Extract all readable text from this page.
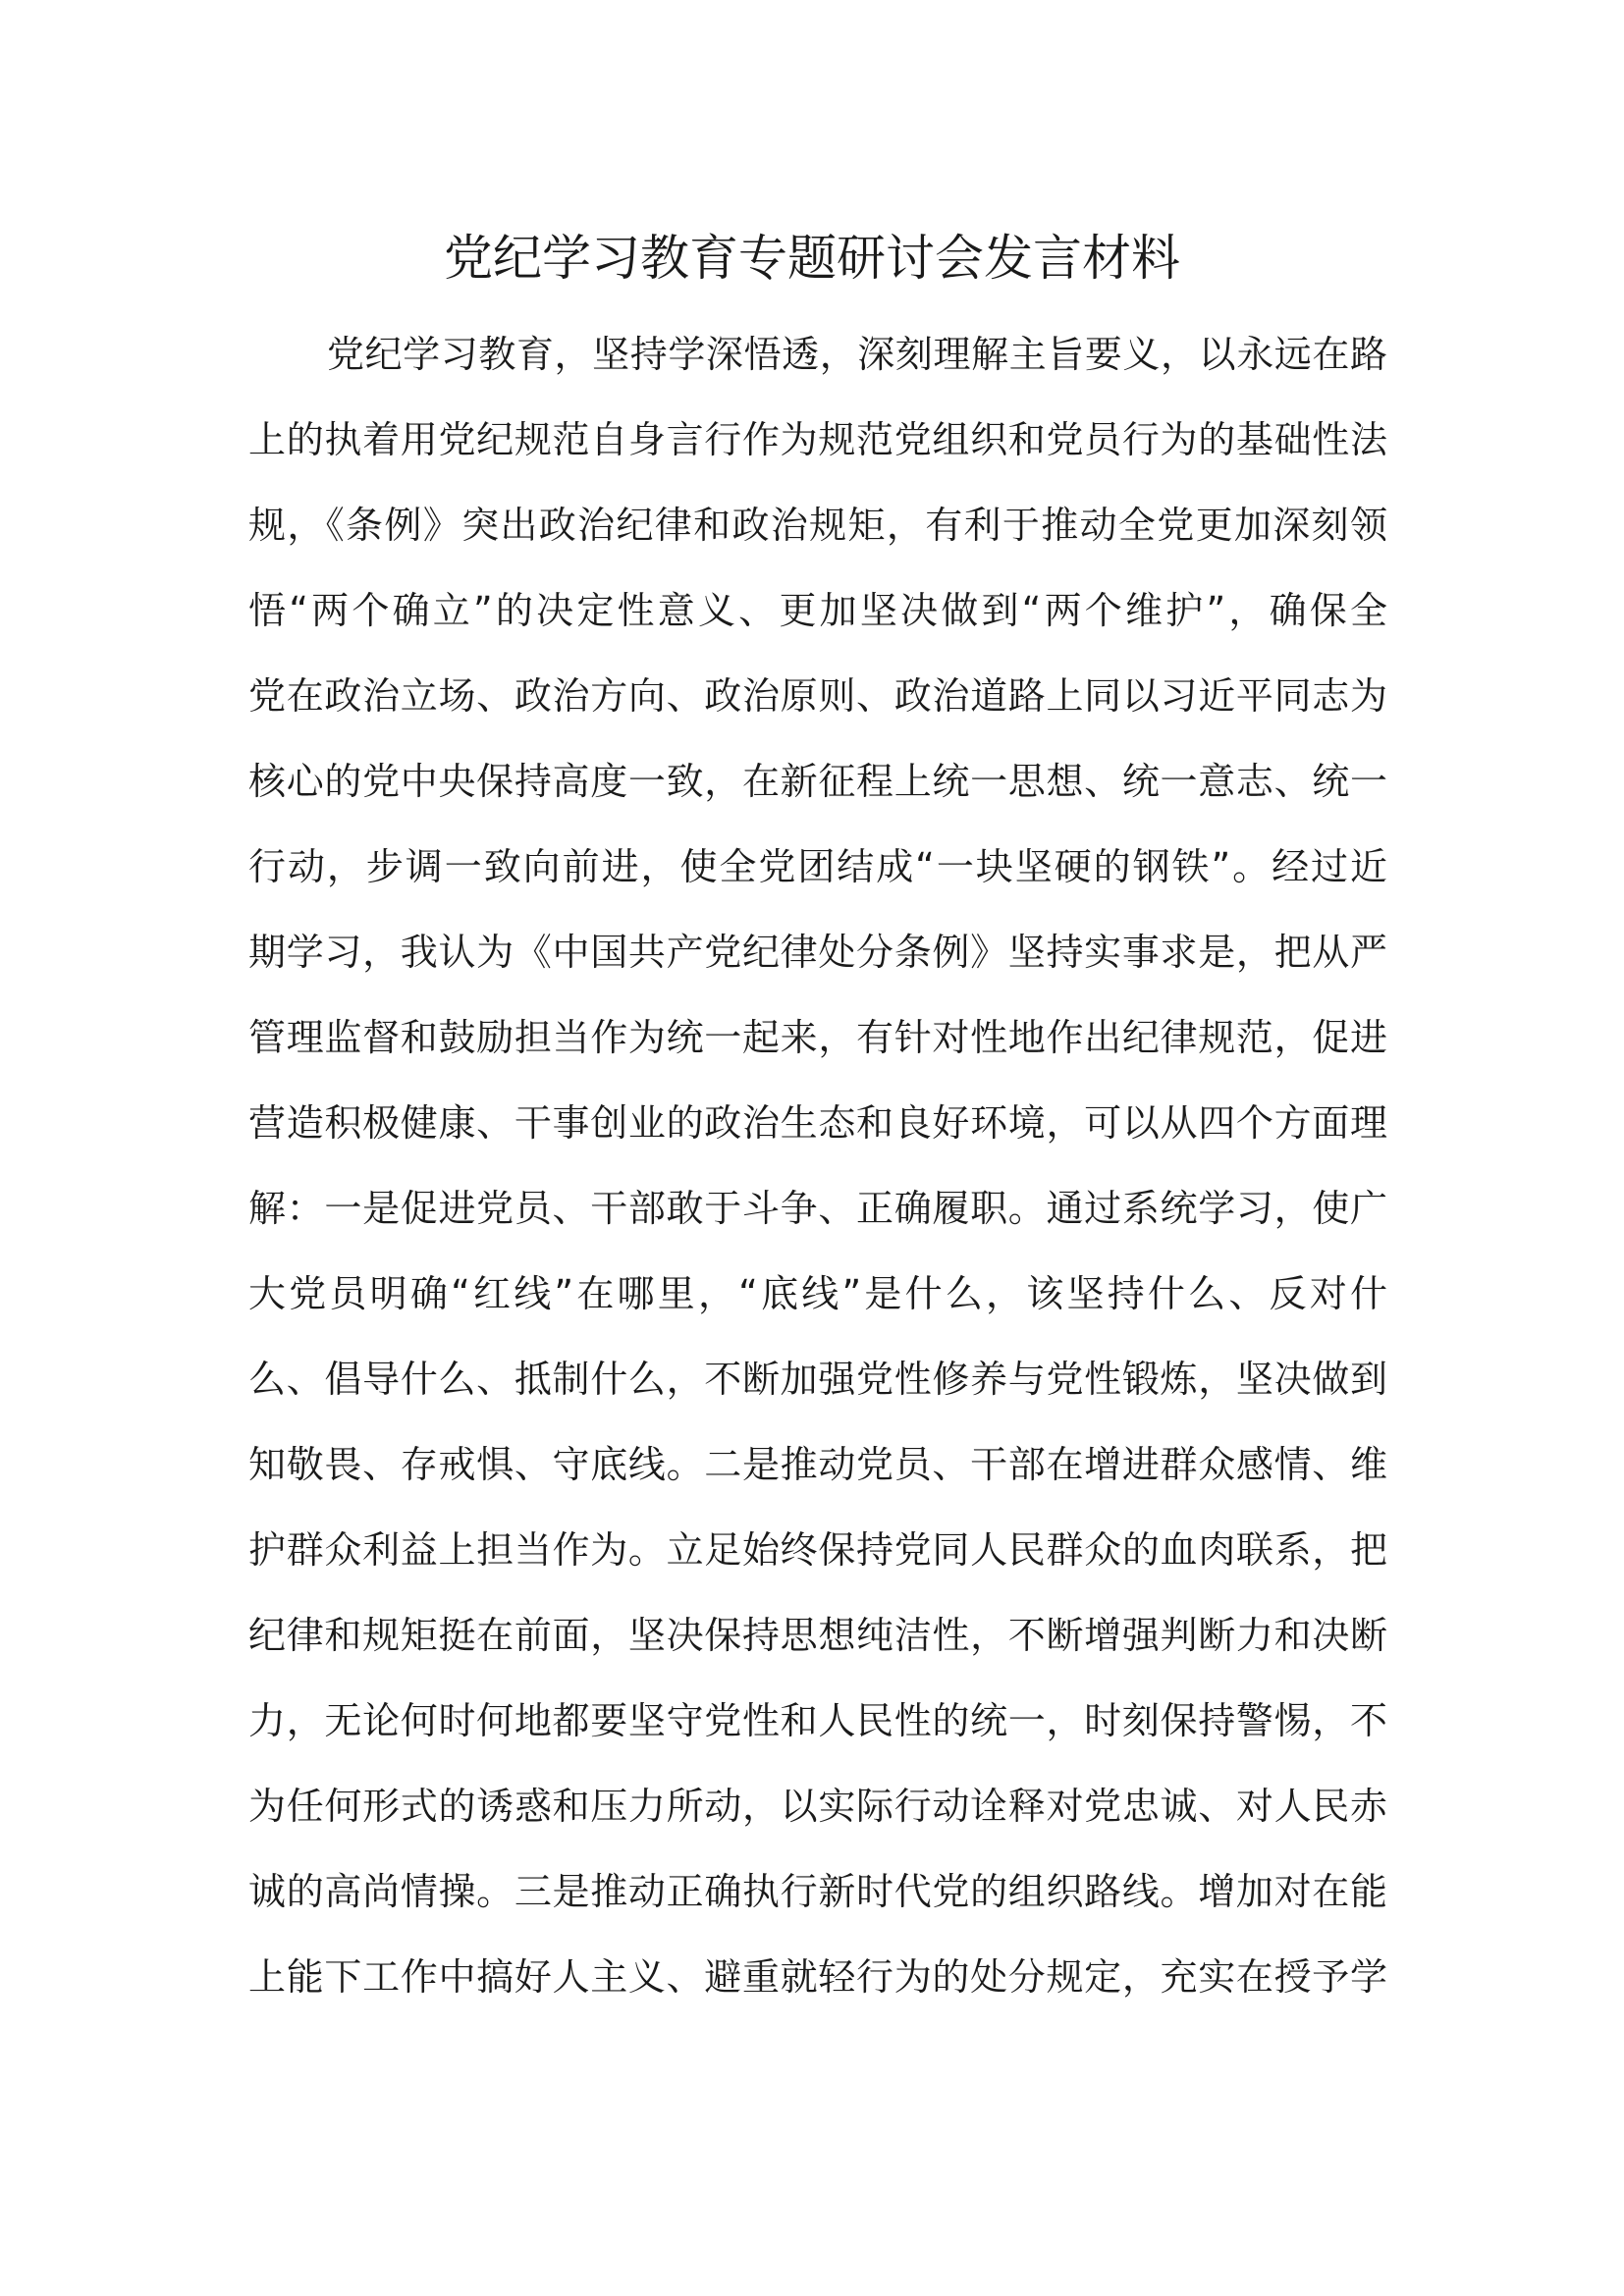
党纪学习教育专题研讨会发言材料
党纪学习教育，坚持学深悟透，深刻理解主旨要义，以永远在路
上的执着用党纪规范自身言行作为规范党组织和党员行为的基础性法
规，《条例》突出政治纪律和政治规矩，有利于推动全党更加深刻领
悟“两个确立”的决定性意义、更加坚决做到“两个维护”，确保全
党在政治立场、政治方向、政治原则、政治道路上同以习近平同志为
核心的党中央保持高度一致，在新征程上统一思想、统一意志、统一
行动，步调一致向前进，使全党团结成“一块坚硬的钢铁”。经过近
期学习，我认为《中国共产党纪律处分条例》坚持实事求是，把从严
管理监督和鼓励担当作为统一起来，有针对性地作出纪律规范，促进
营造积极健康、干事创业的政治生态和良好环境，可以从四个方面理
解：一是促进党员、干部敢于斗争、正确履职。通过系统学习，使广
大党员明确“红线”在哪里，“底线”是什么，该坚持什么、反对什
么、倡导什么、抵制什么，不断加强党性修养与党性锻炼，坚决做到
知敬畏、存戒惧、守底线。二是推动党员、干部在增进群众感情、维
护群众利益上担当作为。立足始终保持党同人民群众的血肉联系，把
纪律和规矩挺在前面，坚决保持思想纯洁性，不断增强判断力和决断
力，无论何时何地都要坚守党性和人民性的统一，时刻保持警惕，不
为任何形式的诱惑和压力所动，以实际行动诠释对党忠诚、对人民赤
诚的高尚情操。三是推动正确执行新时代党的组织路线。增加对在能
上能下工作中搞好人主义、避重就轻行为的处分规定，充实在授予学
